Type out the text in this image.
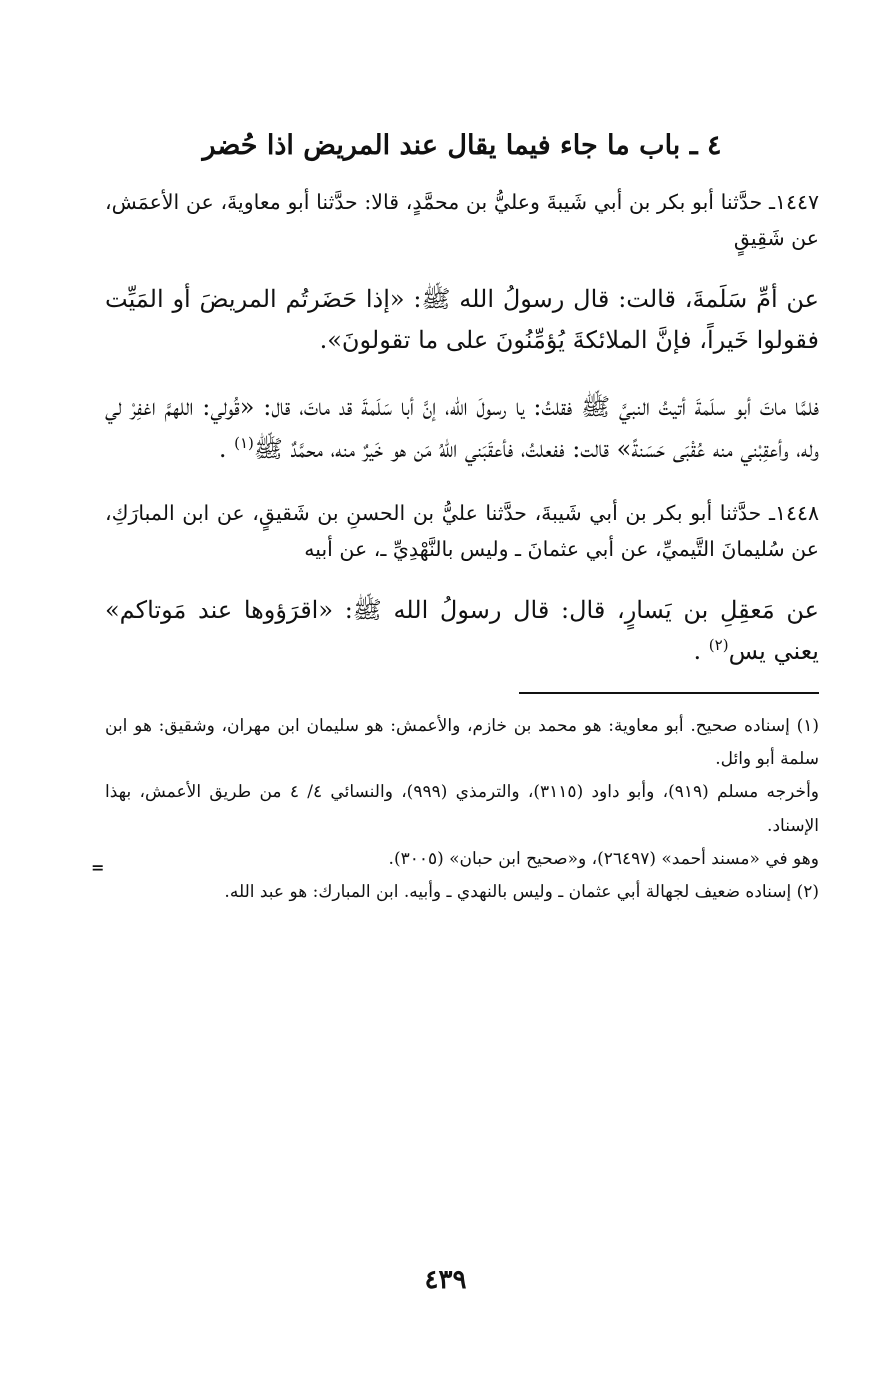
٤ ـ باب ما جاء فيما يقال عند المريض اذا حُضر

١٤٤٧ـ حدَّثنا أبو بكر بن أبي شَيبةَ وعليُّ بن محمَّدٍ، قالا: حدَّثنا أبو معاويةَ، عن الأعمَش، عن شَقِيقٍ

عن أمِّ سَلَمةَ، قالت: قال رسولُ الله ﷺ: «إذا حَضَرتُم المريضَ أو المَيِّت فقولوا خَيراً، فإنَّ الملائكةَ يُؤمِّنُونَ على ما تقولونَ».

فلمَّا ماتَ أبو سلَمةَ أتيتُ النبيَّ ﷺ فقلتُ: يا رسولَ الله، إنَّ أبا سَلَمةَ قد ماتَ، قال: «قُولي: اللهمَّ اغفِرْ لي وله، وأعقِبْني منه عُقْبَى حَسَنةً» قالت: ففعلتُ، فأعقَبَني اللهُ مَن هو خَيرٌ منه، محمَّدٌ ﷺ$^{(١)}$ .

١٤٤٨ـ حدَّثنا أبو بكر بن أبي شَيبةَ، حدَّثنا عليُّ بن الحسنِ بن شَقيقٍ، عن ابن المبارَكِ، عن سُليمانَ التَّيميِّ، عن أبي عثمانَ ـ وليس بالنَّهْدِيِّ ـ، عن أبيه

عن مَعقِلِ بن يَسارٍ، قال: قال رسولُ الله ﷺ: «اقرَؤوها عند مَوتاكم» يعني يس$^{(٢)}$ .

(١) إسناده صحيح. أبو معاوية: هو محمد بن خازم، والأعمش: هو سليمان ابن مهران، وشقيق: هو ابن سلمة أبو وائل.

وأخرجه مسلم (٩١٩)، وأبو داود (٣١١٥)، والترمذي (٩٩٩)، والنسائي ٤/ ٤ من طريق الأعمش، بهذا الإسناد.

وهو في «مسند أحمد» (٢٦٤٩٧)، و«صحيح ابن حبان» (٣٠٠٥).

(٢) إسناده ضعيف لجهالة أبي عثمان ـ وليس بالنهدي ـ وأبيه. ابن المبارك: هو عبد الله.

=
٤٣٩
